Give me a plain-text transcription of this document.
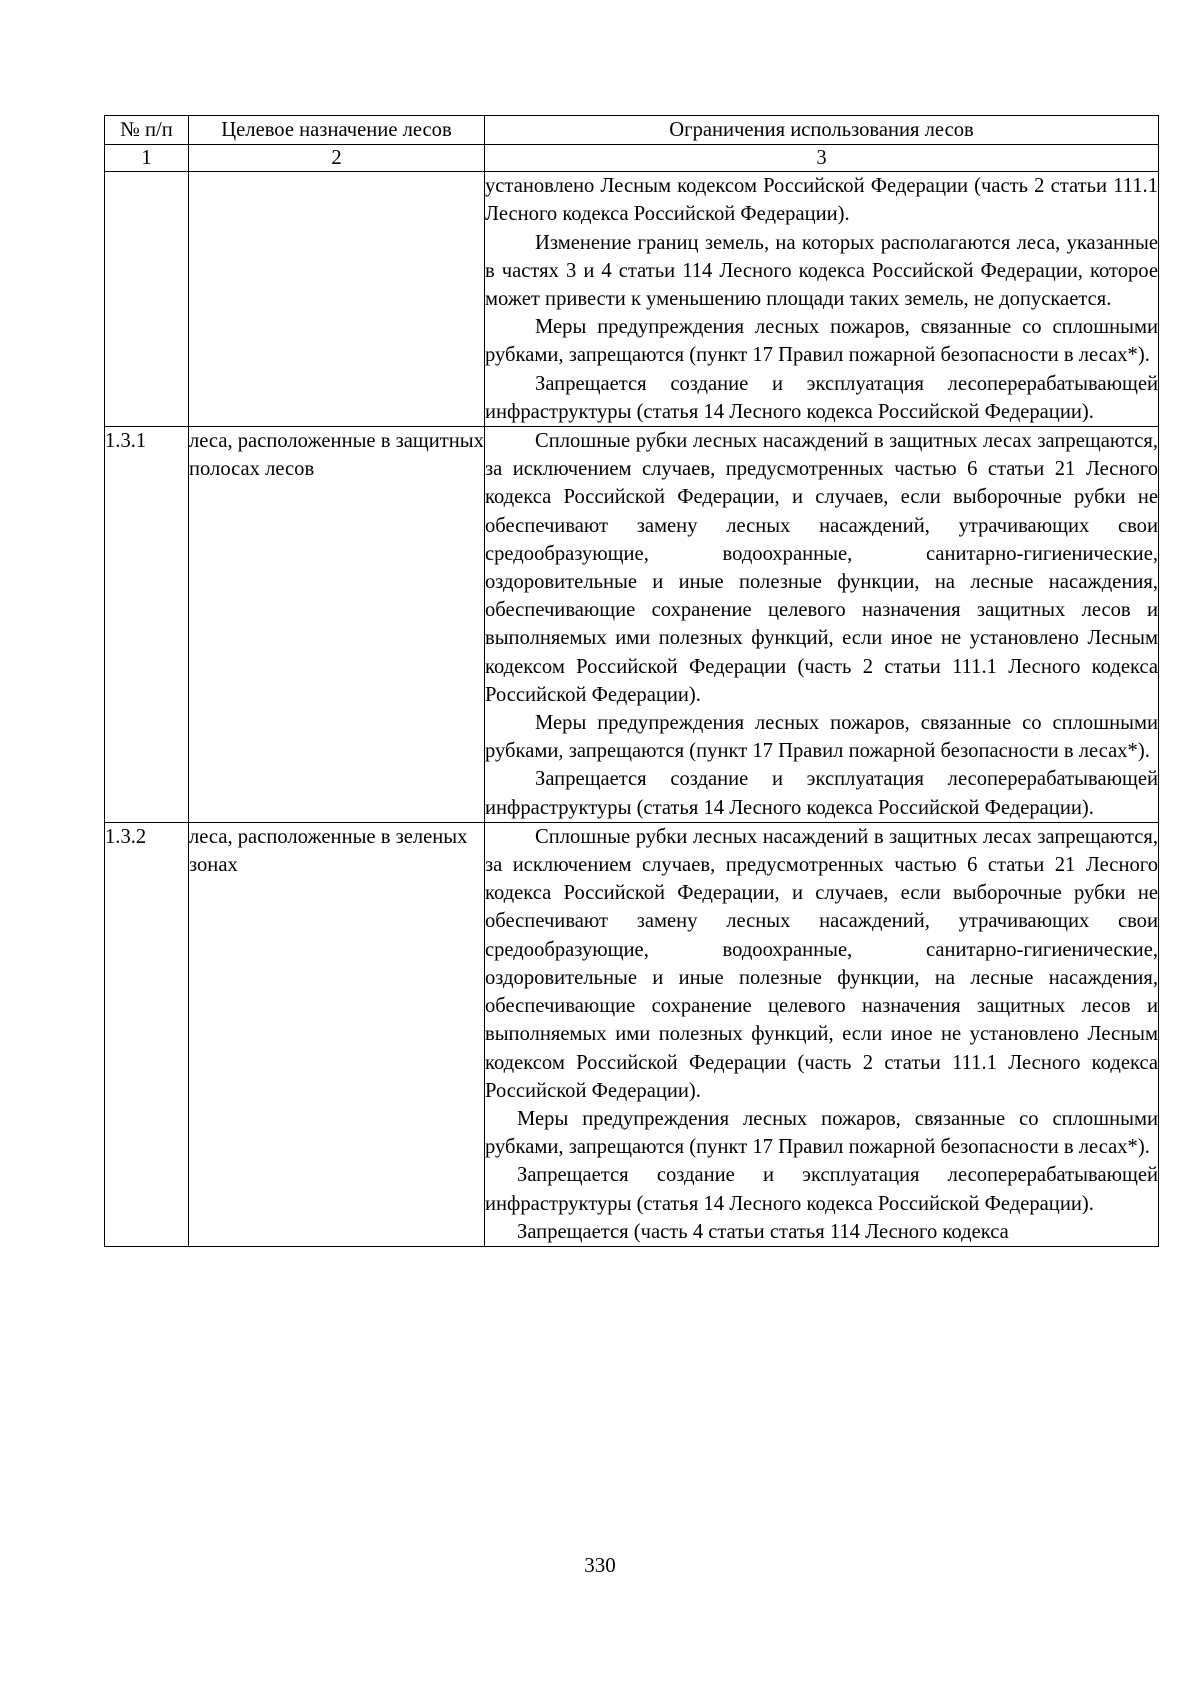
№ п/п	Целевое назначение лесов	Ограничения использования лесов
1	2	3

		установлено Лесным кодексом Российской Федерации (часть 2 статьи 111.1 Лесного кодекса Российской Федерации).

Изменение границ земель, на которых располагаются леса, указанные в частях 3 и 4 статьи 114 Лесного кодекса Российской Федерации, которое может привести к уменьшению площади таких земель, не допускается.

Меры предупреждения лесных пожаров, связанные со сплошными рубками, запрещаются (пункт 17 Правил пожарной безопасности в лесах*).

Запрещается создание и эксплуатация лесоперерабатывающей инфраструктуры (статья 14 Лесного кодекса Российской Федерации).

1.3.1	леса, расположенные в защитных полосах лесов	Сплошные рубки лесных насаждений в защитных лесах запрещаются, за исключением случаев, предусмотренных частью 6 статьи 21 Лесного кодекса Российской Федерации, и случаев, если выборочные рубки не обеспечивают замену лесных насаждений, утрачивающих свои средообразующие, водоохранные, санитарно-гигиенические, оздоровительные и иные полезные функции, на лесные насаждения, обеспечивающие сохранение целевого назначения защитных лесов и выполняемых ими полезных функций, если иное не установлено Лесным кодексом Российской Федерации (часть 2 статьи 111.1 Лесного кодекса Российской Федерации).

Меры предупреждения лесных пожаров, связанные со сплошными рубками, запрещаются (пункт 17 Правил пожарной безопасности в лесах*).

Запрещается создание и эксплуатация лесоперерабатывающей инфраструктуры (статья 14 Лесного кодекса Российской Федерации).

1.3.2	леса, расположенные в зеленых зонах	Сплошные рубки лесных насаждений в защитных лесах запрещаются, за исключением случаев, предусмотренных частью 6 статьи 21 Лесного кодекса Российской Федерации, и случаев, если выборочные рубки не обеспечивают замену лесных насаждений, утрачивающих свои средообразующие, водоохранные, санитарно-гигиенические, оздоровительные и иные полезные функции, на лесные насаждения, обеспечивающие сохранение целевого назначения защитных лесов и выполняемых ими полезных функций, если иное не установлено Лесным кодексом Российской Федерации (часть 2 статьи 111.1 Лесного кодекса Российской Федерации).

Меры предупреждения лесных пожаров, связанные со сплошными рубками, запрещаются (пункт 17 Правил пожарной безопасности в лесах*).

Запрещается создание и эксплуатация лесоперерабатывающей инфраструктуры (статья 14 Лесного кодекса Российской Федерации).

Запрещается (часть 4 статьи статья 114 Лесного кодекса

330
